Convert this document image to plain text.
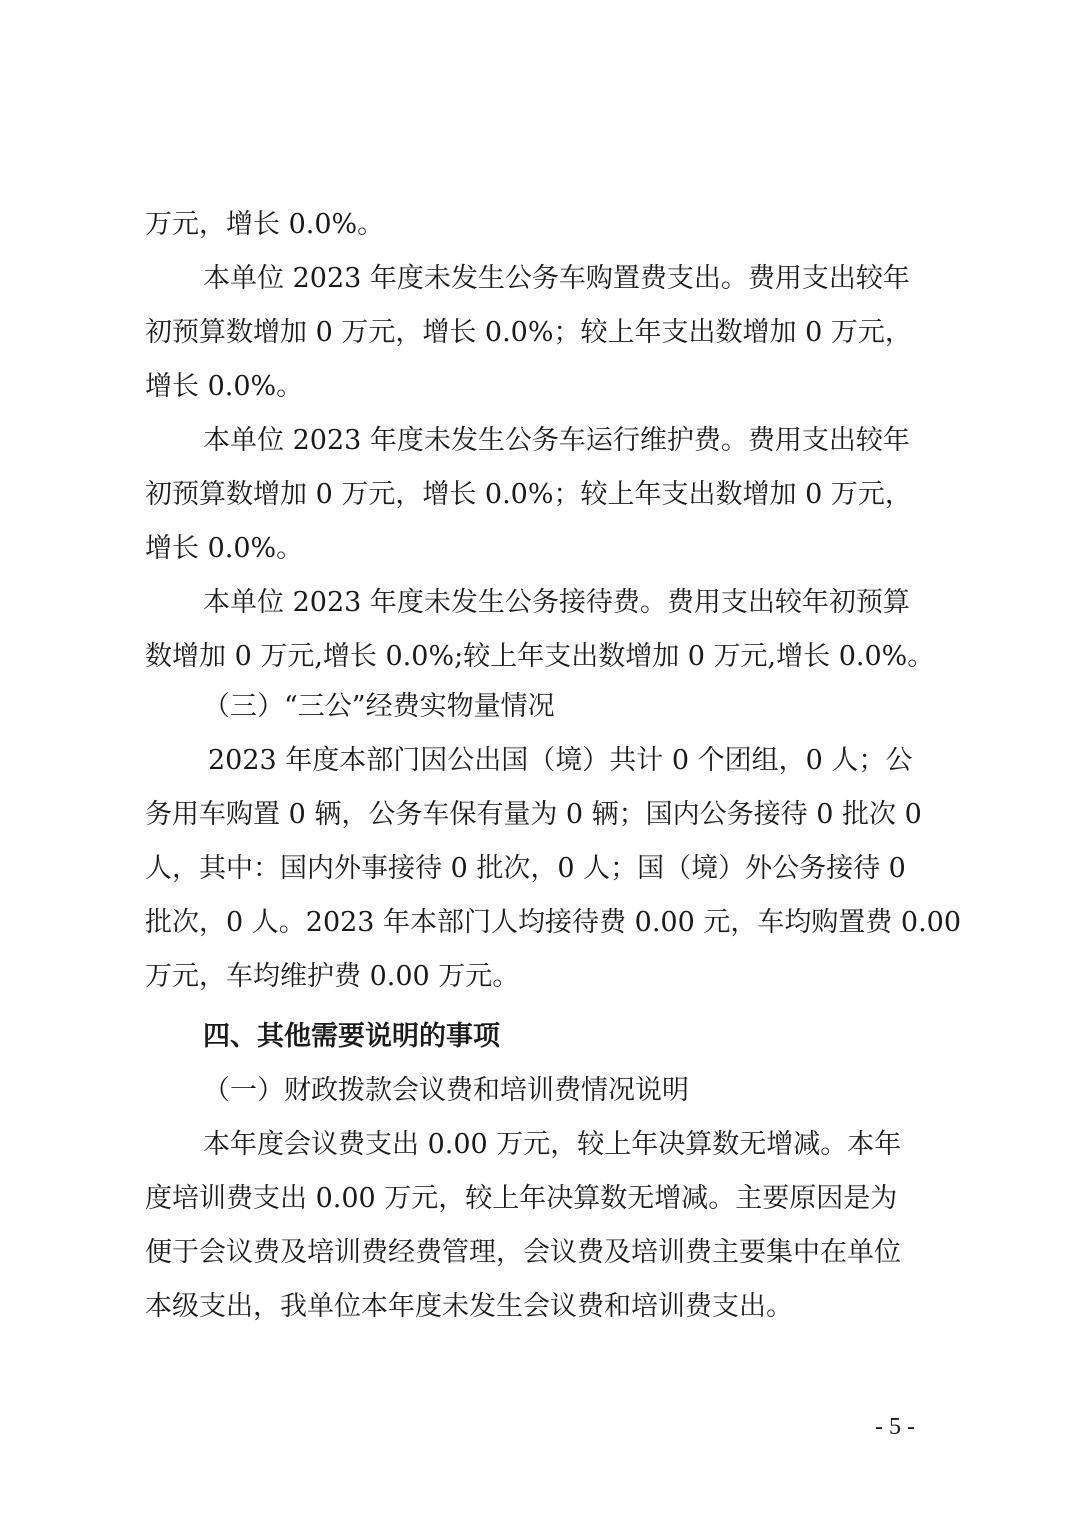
万元，增长 0.0%。
本单位 2023 年度未发生公务车购置费支出。费用支出较年
初预算数增加 0 万元，增长 0.0%；较上年支出数增加 0 万元，
增长 0.0%。
本单位 2023 年度未发生公务车运行维护费。费用支出较年
初预算数增加 0 万元，增长 0.0%；较上年支出数增加 0 万元，
增长 0.0%。
本单位 2023 年度未发生公务接待费。费用支出较年初预算
数增加 0 万元,增长 0.0%;较上年支出数增加 0 万元,增长 0.0%。
（三）“三公”经费实物量情况
2023 年度本部门因公出国（境）共计 0 个团组，0 人；公
务用车购置 0 辆，公务车保有量为 0 辆；国内公务接待 0 批次 0
人，其中：国内外事接待 0 批次，0 人；国（境）外公务接待 0
批次，0 人。2023 年本部门人均接待费 0.00 元，车均购置费 0.00
万元，车均维护费 0.00 万元。
四、其他需要说明的事项
（一）财政拨款会议费和培训费情况说明
本年度会议费支出 0.00 万元，较上年决算数无增减。本年
度培训费支出 0.00 万元，较上年决算数无增减。主要原因是为
便于会议费及培训费经费管理，会议费及培训费主要集中在单位
本级支出，我单位本年度未发生会议费和培训费支出。
- 5 -
